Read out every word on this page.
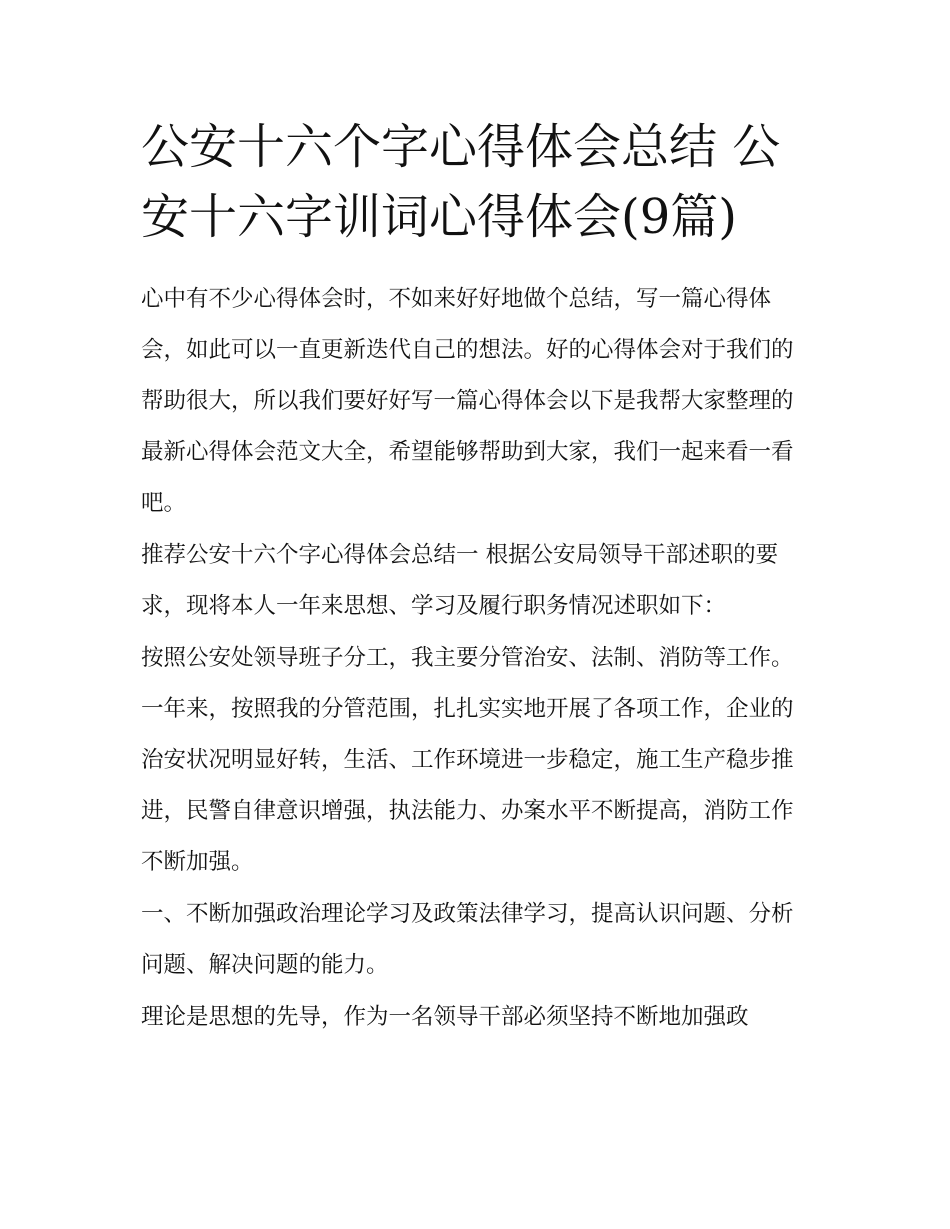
公安十六个字心得体会总结 公安十六字训词心得体会(9篇)

心中有不少心得体会时，不如来好好地做个总结，写一篇心得体会，如此可以一直更新迭代自己的想法。好的心得体会对于我们的帮助很大，所以我们要好好写一篇心得体会以下是我帮大家整理的最新心得体会范文大全，希望能够帮助到大家，我们一起来看一看吧。

推荐公安十六个字心得体会总结一 根据公安局领导干部述职的要求，现将本人一年来思想、学习及履行职务情况述职如下：

按照公安处领导班子分工，我主要分管治安、法制、消防等工作。一年来，按照我的分管范围，扎扎实实地开展了各项工作，企业的治安状况明显好转，生活、工作环境进一步稳定，施工生产稳步推进，民警自律意识增强，执法能力、办案水平不断提高，消防工作不断加强。

一、不断加强政治理论学习及政策法律学习，提高认识问题、分析问题、解决问题的能力。

理论是思想的先导，作为一名领导干部必须坚持不断地加强政
